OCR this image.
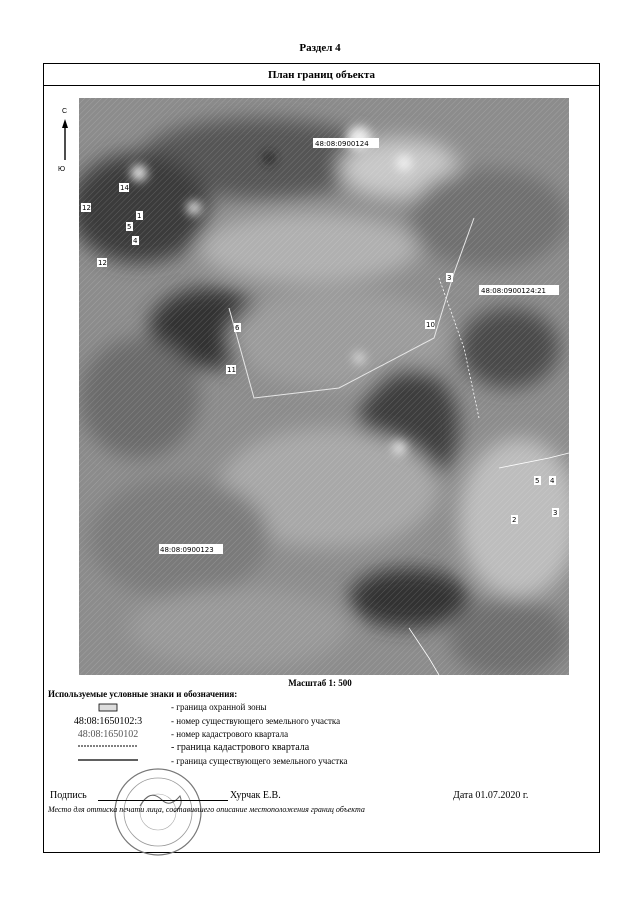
Раздел 4
План границ объекта
С
Ю
48:08:0900124
48:08:0900124:21
48:08:0900123
14
12
1
5
4
12
6
11
3
10
5 4
3
2
Масштаб 1: 500
Используемые условные знаки и обозначения:
- граница охранной зоны
48:08:1650102:3	- номер существующего земельного участка
48:08:1650102	- номер кадастрового квартала
- граница кадастрового квартала
- граница существующего земельного участка
Подпись	Хурчак Е.В.	Дата 01.07.2020 г.
Место для оттиска печати лица, составившего описание местоположения границ объекта
